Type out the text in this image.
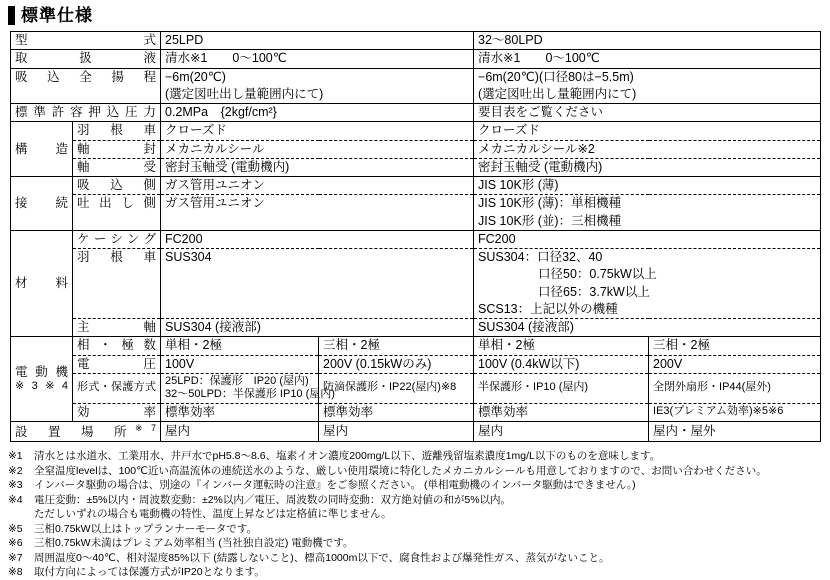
標準仕様
型　　　式		25LPD		32〜80LPD	
取　扱　液		清水※1　　0〜100℃		清水※1　　0〜100℃	
吸 込 全 揚 程		−6m(20℃)		−6m(20℃)(口径80は−5.5m)	
		(選定図吐出し量範囲内にて)		(選定図吐出し量範囲内にて)	
標準許容押込圧力		0.2MPa　{2kgf/cm²}		要目表をご覧ください	
構　造	羽　根　車	クローズド		クローズド	
	軸　　　封	メカニカルシール		メカニカルシール※2	
	軸　　　受	密封玉軸受 (電動機内)		密封玉軸受 (電動機内)	
接　続	吸 込 側	ガス管用ユニオン		JIS 10K形 (薄)	
	吐出し側	ガス管用ユニオン		JIS 10K形 (薄)：単相機種	
				JIS 10K形 (並)：三相機種	
材　料	ケーシング	FC200		FC200	
	羽　根　車	SUS304		SUS304：口径32、40	
				口径50：0.75kW以上	
				口径65：3.7kW以上	
				SCS13：上記以外の機種	
	主　　　軸	SUS304 (接液部)		SUS304 (接液部)	

電動機
※3※4	相 ・ 極 数	単相・2極	三相・2極	単相・2極	三相・2極
	電　　　圧	100V	200V (0.15kWのみ)	100V (0.4kW以下)	200V
	形式・保護方式	25LPD：保護形　IP20 (屋内)
32〜50LPD：半保護形 IP10 (屋内)	防滴保護形・IP22(屋内)※8	半保護形・IP10 (屋内)	全閉外扇形・IP44(屋外)
	効　　　率	標準効率	標準効率	標準効率	IE3(プレミアム効率)※5※6
設 置 場 所$^{※7}$		屋内	屋内	屋内	屋内・屋外
※1	清水とは水道水、工業用水、井戸水でpH5.8〜8.6、塩素イオン濃度200mg/L以下、遊離残留塩素濃度1mg/L以下のものを意味します。
※2	全窒温度levelは、100℃近い高温流体の連続送水のような、厳しい使用環境に特化したメカニカルシールも用意しておりますので、お問い合わせください。
※3	インバータ駆動の場合は、別途の『インバータ運転時の注意』をご参照ください。 (単相電動機のインバータ駆動はできません。)
※4	電圧変動：±5%以内・周波数変動：±2%以内／電圧、周波数の同時変動：双方絶対値の和が5%以内。
ただしいずれの場合も電動機の特性、温度上昇などは定格値に準じません。
※5	三相0.75kW以上はトップランナーモータです。
※6	三相0.75kW未満はプレミアム効率相当 (当社独自設定) 電動機です。
※7	周囲温度0〜40℃、相対湿度85%以下 (結露しないこと)、標高1000m以下で、腐食性および爆発性ガス、蒸気がないこと。
※8	取付方向によっては保護方式がIP20となります。
